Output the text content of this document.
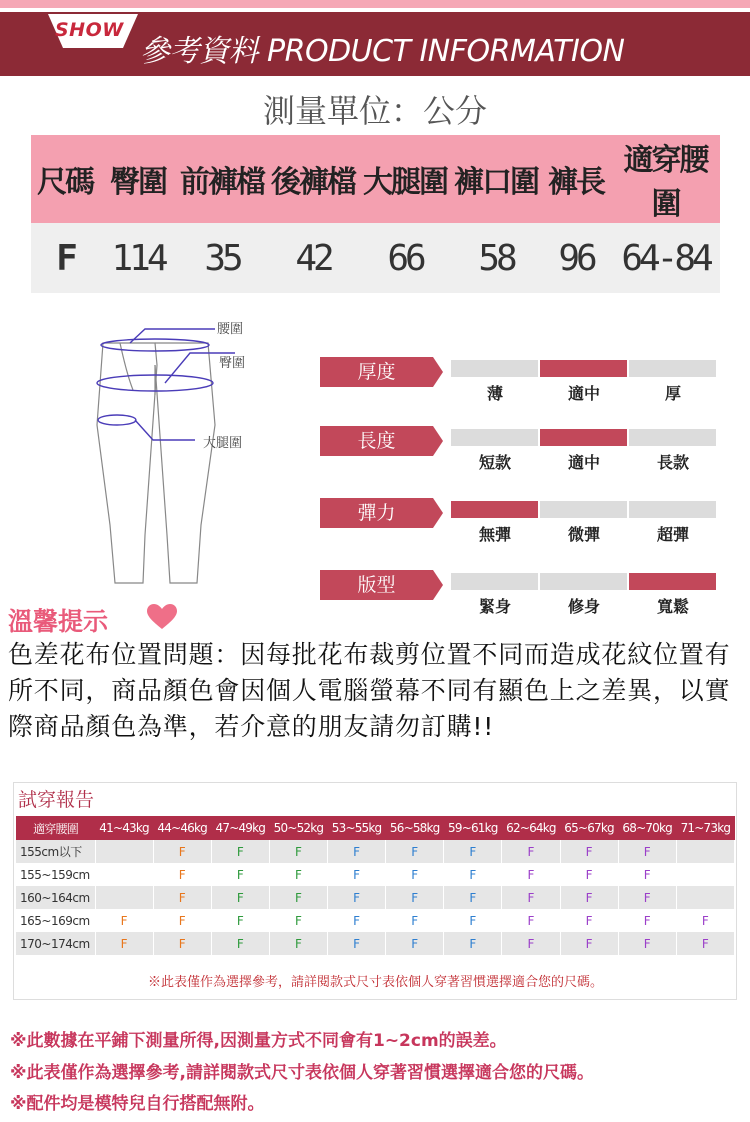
SHOW
參考資料 PRODUCT INFORMATION
測量單位：公分
尺碼	臀圍	前褲檔	後褲檔	大腿圍	褲口圍	褲長	適穿腰圍
F	114	35	42	66	58	96	64-84
腰圍
臀圍
大腿圍
厚度
薄	適中	厚
長度
短款	適中	長款
彈力
無彈	微彈	超彈
版型
緊身	修身	寬鬆
溫馨提示
色差花布位置問題：因每批花布裁剪位置不同而造成花紋位置有所不同，商品顏色會因個人電腦螢幕不同有顯色上之差異，以實際商品顏色為準，若介意的朋友請勿訂購!!
試穿報告
適穿腰圍	41~43kg	44~46kg	47~49kg	50~52kg	53~55kg	56~58kg	59~61kg	62~64kg	65~67kg	68~70kg	71~73kg
155cm以下		F	F	F	F	F	F	F	F	F	
155~159cm		F	F	F	F	F	F	F	F	F	
160~164cm		F	F	F	F	F	F	F	F	F	
165~169cm	F	F	F	F	F	F	F	F	F	F	F
170~174cm	F	F	F	F	F	F	F	F	F	F	F
※此表僅作為選擇參考，請詳閱款式尺寸表依個人穿著習慣選擇適合您的尺碼。
※此數據在平鋪下測量所得,因測量方式不同會有1~2cm的誤差。
※此表僅作為選擇參考,請詳閱款式尺寸表依個人穿著習慣選擇適合您的尺碼。
※配件均是模特兒自行搭配無附。
